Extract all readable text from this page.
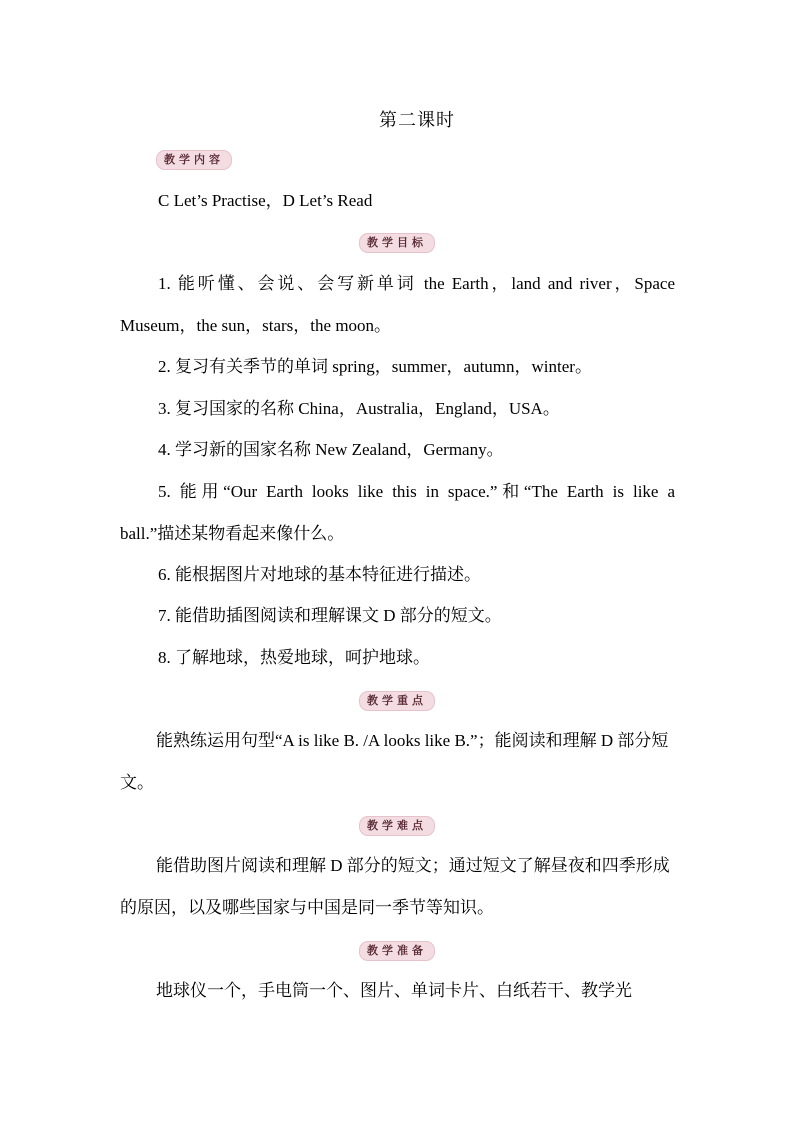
第二课时
教学内容
C Let’s Practise，D Let’s Read
教学目标
1. 能听懂、会说、会写新单词 the Earth，land and river，Space
Museum，the sun，stars，the moon。
2. 复习有关季节的单词 spring，summer，autumn，winter。
3. 复习国家的名称 China，Australia，England，USA。
4. 学习新的国家名称 New Zealand，Germany。
5. 能用“Our Earth looks like this in space.”和“The Earth is like a
ball.”描述某物看起来像什么。
6. 能根据图片对地球的基本特征进行描述。
7. 能借助插图阅读和理解课文 D 部分的短文。
8. 了解地球，热爱地球，呵护地球。
教学重点
能熟练运用句型“A is like B. /A looks like B.”；能阅读和理解 D 部分短文。
教学难点
能借助图片阅读和理解 D 部分的短文；通过短文了解昼夜和四季形成的原因，以及哪些国家与中国是同一季节等知识。
教学准备
地球仪一个，手电筒一个、图片、单词卡片、白纸若干、教学光
